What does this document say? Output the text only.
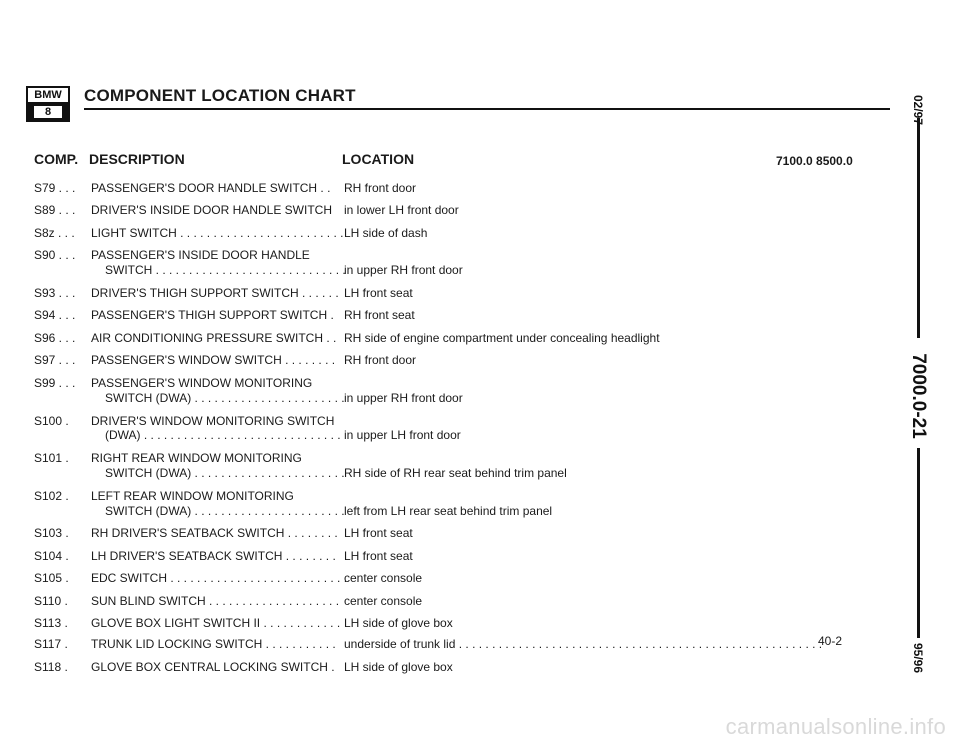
BMW
8
COMPONENT LOCATION CHART
COMP. DESCRIPTION	LOCATION	7100.0 8500.0
S79 . . . PASSENGER'S DOOR HANDLE SWITCH . . RH front door
S89 . . . DRIVER'S INSIDE DOOR HANDLE SWITCH in lower LH front door
S8z . . . LIGHT SWITCH . . . . . . . . . . . . . . . . . . . . . . . . . LH side of dash
S90 . . . PASSENGER'S INSIDE DOOR HANDLE
SWITCH . . . . . . . . . . . . . . . . . . . . . . . . . . . . .
in upper RH front door
S93 . . . DRIVER'S THIGH SUPPORT SWITCH . . . . . . LH front seat
S94 . . . PASSENGER'S THIGH SUPPORT SWITCH . RH front seat
S96 . . . AIR CONDITIONING PRESSURE SWITCH . . RH side of engine compartment under concealing headlight
S97 . . . PASSENGER'S WINDOW SWITCH . . . . . . . . RH front door
S99 . . . PASSENGER'S WINDOW MONITORING
SWITCH (DWA) . . . . . . . . . . . . . . . . . . . . . . . in upper RH front door
S100 . DRIVER'S WINDOW MONITORING SWITCH
(DWA) . . . . . . . . . . . . . . . . . . . . . . . . . . . . . . in upper LH front door
S101 . RIGHT REAR WINDOW MONITORING
SWITCH (DWA) . . . . . . . . . . . . . . . . . . . . . . . RH side of RH rear seat behind trim panel
S102 . LEFT REAR WINDOW MONITORING
SWITCH (DWA) . . . . . . . . . . . . . . . . . . . . . . . left from LH rear seat behind trim panel
S103 . RH DRIVER'S SEATBACK SWITCH . . . . . . . . LH front seat
S104 . LH DRIVER'S SEATBACK SWITCH . . . . . . . . LH front seat
S105 . EDC SWITCH . . . . . . . . . . . . . . . . . . . . . . . . . . .
center console
S110 . SUN BLIND SWITCH . . . . . . . . . . . . . . . . . . . . center console
S113 . GLOVE BOX LIGHT SWITCH II . . . . . . . . . . . . LH side of glove box
S117 . TRUNK LID LOCKING SWITCH . . . . . . . . . . . underside of trunk lid . . . . . . . . . . . . . . . . . . . . . . . . . . . . . . . . . . . . . . . . . . . . . . . . . . . . . . .
S118 . GLOVE BOX CENTRAL LOCKING SWITCH . LH side of glove box
40-2
02/97
7000.0-21
95/96
carmanualsonline.info
